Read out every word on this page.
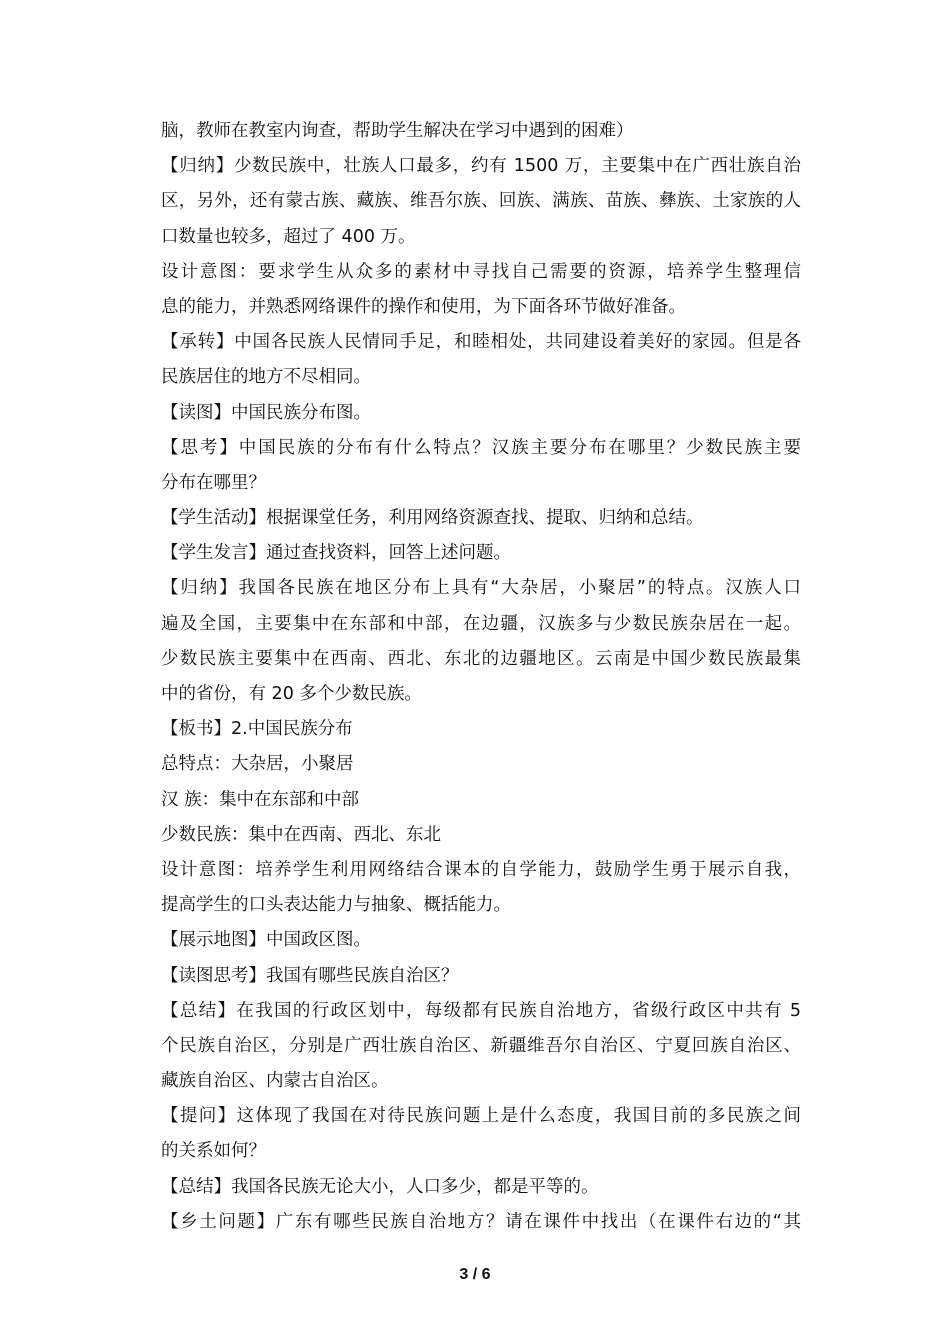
脑，教师在教室内询查，帮助学生解决在学习中遇到的困难）
【归纳】少数民族中，壮族人口最多，约有 1500 万，主要集中在广西壮族自治
区，另外，还有蒙古族、藏族、维吾尔族、回族、满族、苗族、彝族、土家族的人
口数量也较多，超过了 400 万。
设计意图：要求学生从众多的素材中寻找自己需要的资源，培养学生整理信
息的能力，并熟悉网络课件的操作和使用，为下面各环节做好准备。
【承转】中国各民族人民情同手足，和睦相处，共同建设着美好的家园。但是各
民族居住的地方不尽相同。
【读图】中国民族分布图。
【思考】中国民族的分布有什么特点？汉族主要分布在哪里？少数民族主要
分布在哪里？
【学生活动】根据课堂任务，利用网络资源查找、提取、归纳和总结。
【学生发言】通过查找资料，回答上述问题。
【归纳】我国各民族在地区分布上具有“大杂居，小聚居”的特点。汉族人口
遍及全国，主要集中在东部和中部，在边疆，汉族多与少数民族杂居在一起。
少数民族主要集中在西南、西北、东北的边疆地区。云南是中国少数民族最集
中的省份，有 20 多个少数民族。
【板书】2.中国民族分布
总特点：大杂居，小聚居
汉 族：集中在东部和中部
少数民族：集中在西南、西北、东北
设计意图：培养学生利用网络结合课本的自学能力，鼓励学生勇于展示自我，
提高学生的口头表达能力与抽象、概括能力。
【展示地图】中国政区图。
【读图思考】我国有哪些民族自治区？
【总结】在我国的行政区划中，每级都有民族自治地方，省级行政区中共有 5
个民族自治区，分别是广西壮族自治区、新疆维吾尔自治区、宁夏回族自治区、
藏族自治区、内蒙古自治区。
【提问】这体现了我国在对待民族问题上是什么态度，我国目前的多民族之间
的关系如何？
【总结】我国各民族无论大小，人口多少，都是平等的。
【乡土问题】广东有哪些民族自治地方？请在课件中找出（在课件右边的“其
3 / 6
